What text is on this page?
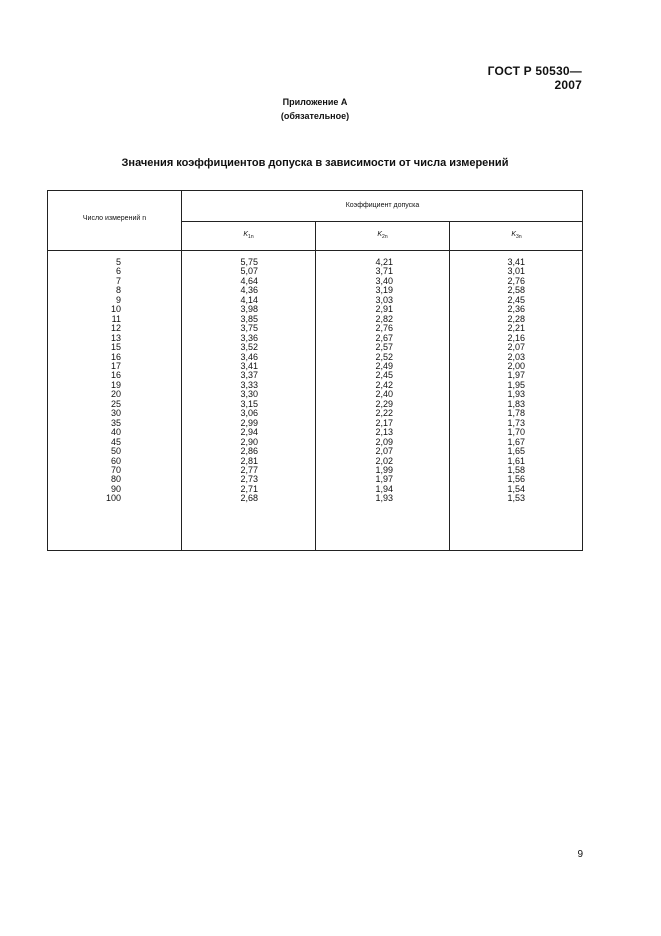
ГОСТ Р 50530—2007
Приложение А
(обязательное)
Значения коэффициентов допуска в зависимости от числа измерений
Число измерений n
Коэффициент допуска
$K_{1n}$	$K_{2n}$	$K_{3n}$
5
6
7
8
9
10
11
12
13
15
16
17
16
19
20
25
30
35
40
45
50
60
70
80
90
100
5,75
5,07
4,64
4,36
4,14
3,98
3,85
3,75
3,36
3,52
3,46
3,41
3,37
3,33
3,30
3,15
3,06
2,99
2,94
2,90
2,86
2,81
2,77
2,73
2,71
2,68
4,21
3,71
3,40
3,19
3,03
2,91
2,82
2,76
2,67
2,57
2,52
2,49
2,45
2,42
2,40
2,29
2,22
2,17
2,13
2,09
2,07
2,02
1,99
1,97
1,94
1,93
3,41
3,01
2,76
2,58
2,45
2,36
2,28
2,21
2,16
2,07
2,03
2,00
1,97
1,95
1,93
1,83
1,78
1,73
1,70
1,67
1,65
1,61
1,58
1,56
1,54
1,53
9
